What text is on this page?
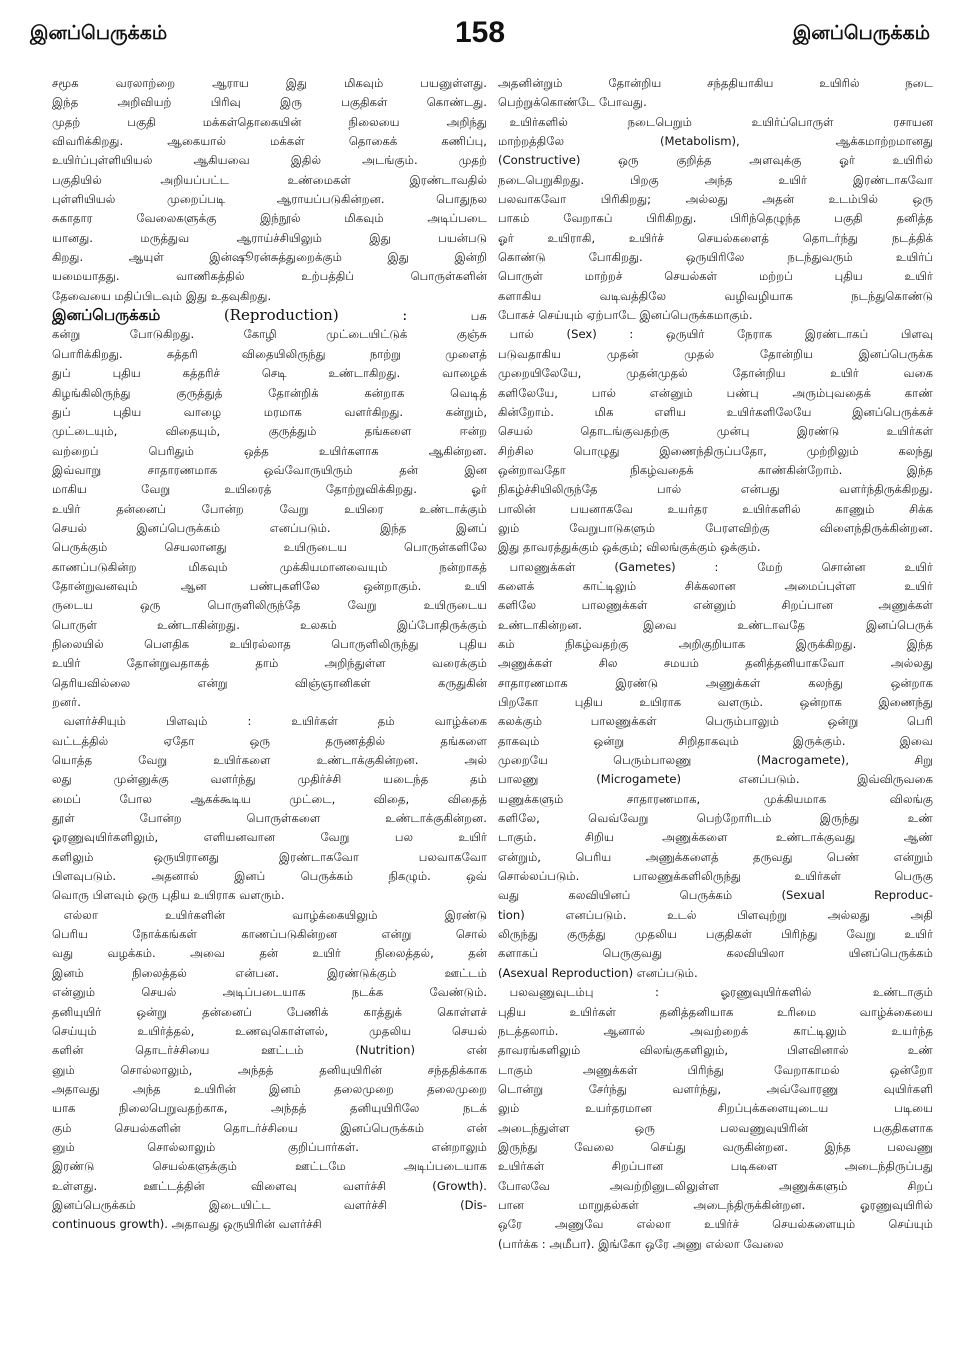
இனப்பெருக்கம்	158	இனப்பெருக்கம்
சமூக வரலாற்றை ஆராய இது மிகவும் பயனுள்ளது.
இந்த அறிவியற் பிரிவு இரு பகுதிகள் கொண்டது.
முதற் பகுதி மக்கள்தொகையின் நிலையை அறிந்து
விவரிக்கிறது. ஆகையால் மக்கள் தொகைக் கணிப்பு,
உயிர்ப்புள்ளியியல் ஆகியவை இதில் அடங்கும். முதற்
பகுதியில் அறியப்பட்ட உண்மைகள் இரண்டாவதில்
புள்ளியியல் முறைப்படி ஆராயப்படுகின்றன. பொதுநல
சுகாதார வேலைகளுக்கு இந்நூல் மிகவும் அடிப்படை
யானது. மருத்துவ ஆராய்ச்சியிலும் இது பயன்படு
கிறது. ஆயுள் இன்ஷூரன்சுத்துறைக்கும் இது இன்றி
யமையாதது. வாணிகத்தில் உற்பத்திப் பொருள்களின்
தேவையை மதிப்பிடவும் இது உதவுகிறது.
இனப்பெருக்கம் (Reproduction) : பசு
கன்று போடுகிறது. கோழி முட்டையிட்டுக் குஞ்சு
பொரிக்கிறது. கத்தரி விதையிலிருந்து நாற்று முளைத்
துப் புதிய கத்தரிச் செடி உண்டாகிறது. வாழைக்
கிழங்கிலிருந்து குருத்துத் தோன்றிக் கன்றாக வெடித்
துப் புதிய வாழை மரமாக வளர்கிறது. கன்றும்,
முட்டையும், விதையும், குருத்தும் தங்களை ஈன்ற
வற்றைப் பெரிதும் ஒத்த உயிர்களாக ஆகின்றன.
இவ்வாறு சாதாரணமாக ஒவ்வோருயிரும் தன் இன
மாகிய வேறு உயிரைத் தோற்றுவிக்கிறது. ஓர்
உயிர் தன்னைப் போன்ற வேறு உயிரை உண்டாக்கும்
செயல் இனப்பெருக்கம் எனப்படும். இந்த இனப்
பெருக்கும் செயலானது உயிருடைய பொருள்களிலே
காணப்படுகின்ற மிகவும் முக்கியமானவையும் நன்றாகத்
தோன்றுவனவும் ஆன பண்புகளிலே ஒன்றாகும். உயி
ருடைய ஒரு பொருளிலிருந்தே வேறு உயிருடைய
பொருள் உண்டாகின்றது. உலகம் இப்போதிருக்கும்
நிலையில் பௌதிக உயிரல்லாத பொருளிலிருந்து புதிய
உயிர் தோன்றுவதாகத் தாம் அறிந்துள்ள வரைக்கும்
தெரியவில்லை என்று விஞ்ஞானிகள் கருதுகின்
றனர்.
 வளர்ச்சியும் பிளவும் : உயிர்கள் தம் வாழ்க்கை
வட்டத்தில் ஏதோ ஒரு தருணத்தில் தங்களை
யொத்த வேறு உயிர்களை உண்டாக்குகின்றன. அல்
லது முன்னுக்கு வளர்ந்து முதிர்ச்சி யடைந்த தம்
மைப் போல ஆகக்கூடிய முட்டை, விதை, விதைத்
தூள் போன்ற பொருள்களை உண்டாக்குகின்றன.
ஓரணுவுயிர்களிலும், எளியனவான வேறு பல உயிர்
களிலும் ஒருயிரானது இரண்டாகவோ பலவாகவோ
பிளவுபடும். அதனால் இனப் பெருக்கம் நிகழும். ஒவ்
வொரு பிளவும் ஒரு புதிய உயிராக வளரும்.
 எல்லா உயிர்களின் வாழ்க்கையிலும் இரண்டு
பெரிய நோக்கங்கள் காணப்படுகின்றன என்று சொல்
வது வழக்கம். அவை தன் உயிர் நிலைத்தல், தன்
இனம் நிலைத்தல் என்பன. இரண்டுக்கும் ஊட்டம்
என்னும் செயல் அடிப்படையாக நடக்க வேண்டும்.
தனியுயிர் ஒன்று தன்னைப் பேணிக் காத்துக் கொள்ளச்
செய்யும் உயிர்த்தல், உணவுகொள்ளல், முதலிய செயல்
களின் தொடர்ச்சியை ஊட்டம் (Nutrition) என்
னும் சொல்லாலும், அந்தத் தனியுயிரின் சந்ததிக்காக
அதாவது அந்த உயிரின் இனம் தலைமுறை தலைமுறை
யாக நிலைபெறுவதற்காக, அந்தத் தனியுயிரிலே நடக்
கும் செயல்களின் தொடர்ச்சியை இனப்பெருக்கம் என்
னும் சொல்லாலும் குறிப்பார்கள். என்றாலும்
இரண்டு செயல்களுக்கும் ஊட்டமே அடிப்படையாக
உள்ளது. ஊட்டத்தின் விளைவு வளர்ச்சி (Growth).
இனப்பெருக்கம் இடையிட்ட வளர்ச்சி (Dis-
continuous growth). அதாவது ஒருயிரின் வளர்ச்சி
அதனின்றும் தோன்றிய சந்ததியாகிய உயிரில் நடை
பெற்றுக்கொண்டே போவது.
 உயிர்களில் நடைபெறும் உயிர்ப்பொருள் ரசாயன
மாற்றத்திலே (Metabolism), ஆக்கமாற்றமானது
(Constructive) ஒரு குறித்த அளவுக்கு ஓர் உயிரில்
நடைபெறுகிறது. பிறகு அந்த உயிர் இரண்டாகவோ
பலவாகவோ பிரிகிறது; அல்லது அதன் உடம்பில் ஒரு
பாகம் வேறாகப் பிரிகிறது. பிரிந்தெழுந்த பகுதி தனித்த
ஓர் உயிராகி, உயிர்ச் செயல்களைத் தொடர்ந்து நடத்திக்
கொண்டு போகிறது. ஒருயிரிலே நடந்துவரும் உயிர்ப்
பொருள் மாற்றச் செயல்கள் மற்றப் புதிய உயிர்
களாகிய வடிவத்திலே வழிவழியாக நடந்துகொண்டு
போகச் செய்யும் ஏற்பாடே இனப்பெருக்கமாகும்.
 பால் (Sex) : ஒருயிர் நேராக இரண்டாகப் பிளவு
படுவதாகிய முதன் முதல் தோன்றிய இனப்பெருக்க
முறையிலேயே, முதன்முதல் தோன்றிய உயிர் வகை
களிலேயே, பால் என்னும் பண்பு அரும்புவதைக் காண்
கின்றோம். மிக எளிய உயிர்களிலேயே இனப்பெருக்கச்
செயல் தொடங்குவதற்கு முன்பு இரண்டு உயிர்கள்
சிற்சில பொழுது இணைந்திருப்பதோ, முற்றிலும் கலந்து
ஒன்றாவதோ நிகழ்வதைக் காண்கின்றோம். இந்த
நிகழ்ச்சியிலிருந்தே பால் என்பது வளர்ந்திருக்கிறது.
பாலின் பயனாகவே உயர்தர உயிர்களில் காணும் சிக்க
லும் வேறுபாடுகளும் பேரளவிற்கு விளைந்திருக்கின்றன.
இது தாவரத்துக்கும் ஒக்கும்; விலங்குக்கும் ஒக்கும்.
 பாலணுக்கள் (Gametes) : மேற் சொன்ன உயிர்
களைக் காட்டிலும் சிக்கலான அமைப்புள்ள உயிர்
களிலே பாலணுக்கள் என்னும் சிறப்பான அணுக்கள்
உண்டாகின்றன. இவை உண்டாவதே இனப்பெருக்
கம் நிகழ்வதற்கு அறிகுறியாக இருக்கிறது. இந்த
அணுக்கள் சில சமயம் தனித்தனியாகவோ அல்லது
சாதாரணமாக இரண்டு அணுக்கள் கலந்து ஒன்றாக
பிறகோ புதிய உயிராக வளரும். ஒன்றாக இணைந்து
கலக்கும் பாலணுக்கள் பெரும்பாலும் ஒன்று பெரி
தாகவும் ஒன்று சிறிதாகவும் இருக்கும். இவை
முறையே பெரும்பாலணு (Macrogamete), சிறு
பாலணு (Microgamete) எனப்படும். இவ்விருவகை
யணுக்களும் சாதாரணமாக, முக்கியமாக விலங்கு
களிலே, வெவ்வேறு பெற்றோரிடம் இருந்து உண்
டாகும். சிறிய அணுக்களை உண்டாக்குவது ஆண்
என்றும், பெரிய அணுக்களைத் தருவது பெண் என்றும்
சொல்லப்படும். பாலணுக்களிலிருந்து உயிர்கள் பெருகு
வது கலவியினப் பெருக்கம் (Sexual Reproduc-
tion) எனப்படும். உடல் பிளவுற்று அல்லது அதி
லிருந்து குருத்து முதலிய பகுதிகள் பிரிந்து வேறு உயிர்
களாகப் பெருகுவது கலவியிலா யினப்பெருக்கம்
(Asexual Reproduction) எனப்படும்.
 பலவணுவுடம்பு : ஓரணுவுயிர்களில் உண்டாகும்
புதிய உயிர்கள் தனித்தனியாக உரிமை வாழ்க்கையை
நடத்தலாம். ஆனால் அவற்றைக் காட்டிலும் உயர்ந்த
தாவரங்களிலும் விலங்குகளிலும், பிளவினால் உண்
டாகும் அணுக்கள் பிரிந்து வேறாகாமல் ஒன்றோ
டொன்று சேர்ந்து வளர்ந்து, அவ்வோரணு வுயிர்களி
லும் உயர்தரமான சிறப்புக்களையுடைய படியை
அடைந்துள்ள ஒரு பலவணுவுயிரின் பகுதிகளாக
இருந்து வேலை செய்து வருகின்றன. இந்த பலவணு
உயிர்கள் சிறப்பான படிகளை அடைந்திருப்பது
போலவே அவற்றினுடலிலுள்ள அணுக்களும் சிறப்
பான மாறுதல்கள் அடைந்திருக்கின்றன. ஓரணுவுயிரில்
ஒரே அணுவே எல்லா உயிர்ச் செயல்களையும் செய்யும்
(பார்க்க : அமீபா). இங்கோ ஒரே அணு எல்லா வேலை
